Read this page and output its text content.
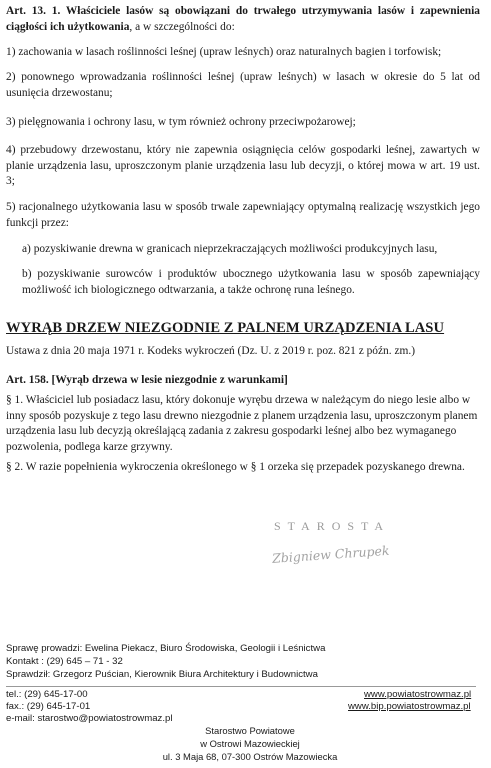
Art. 13. 1. Właściciele lasów są obowiązani do trwałego utrzymywania lasów i zapewnienia ciągłości ich użytkowania, a w szczególności do:

1) zachowania w lasach roślinności leśnej (upraw leśnych) oraz naturalnych bagien i torfowisk;

2) ponownego wprowadzania roślinności leśnej (upraw leśnych) w lasach w okresie do 5 lat od usunięcia drzewostanu;

3) pielęgnowania i ochrony lasu, w tym również ochrony przeciwpożarowej;

4) przebudowy drzewostanu, który nie zapewnia osiągnięcia celów gospodarki leśnej, zawartych w planie urządzenia lasu, uproszczonym planie urządzenia lasu lub decyzji, o której mowa w art. 19 ust. 3;

5) racjonalnego użytkowania lasu w sposób trwale zapewniający optymalną realizację wszystkich jego funkcji przez:

a) pozyskiwanie drewna w granicach nieprzekraczających możliwości produkcyjnych lasu,

b) pozyskiwanie surowców i produktów ubocznego użytkowania lasu w sposób zapewniający możliwość ich biologicznego odtwarzania, a także ochronę runa leśnego.

WYRĄB DRZEW NIEZGODNIE Z PALNEM URZĄDZENIA LASU

Ustawa z dnia 20 maja 1971 r. Kodeks wykroczeń (Dz. U. z 2019 r. poz. 821 z późn. zm.)

Art. 158. [Wyrąb drzewa w lesie niezgodnie z warunkami]

§ 1. Właściciel lub posiadacz lasu, który dokonuje wyrębu drzewa w należącym do niego lesie albo w inny sposób pozyskuje z tego lasu drewno niezgodnie z planem urządzenia lasu, uproszczonym planem urządzenia lasu lub decyzją określającą zadania z zakresu gospodarki leśnej albo bez wymaganego pozwolenia, podlega karze grzywny.

§ 2. W razie popełnienia wykroczenia określonego w § 1 orzeka się przepadek pozyskanego drewna.

STAROSTA
Zbigniew Chrupek

Sprawę prowadzi: Ewelina Piekacz, Biuro Środowiska, Geologii i Leśnictwa

Kontakt : (29) 645 – 71 - 32

Sprawdził: Grzegorz Puścian, Kierownik Biura Architektury i Budownictwa

tel.: (29) 645-17-00

fax.: (29) 645-17-01

e-mail: starostwo@powiatostrowmaz.pl

www.powiatostrowmaz.pl
www.bip.powiatostrowmaz.pl
Starostwo Powiatowe
w Ostrowi Mazowieckiej
ul. 3 Maja 68, 07-300 Ostrów Mazowiecka
